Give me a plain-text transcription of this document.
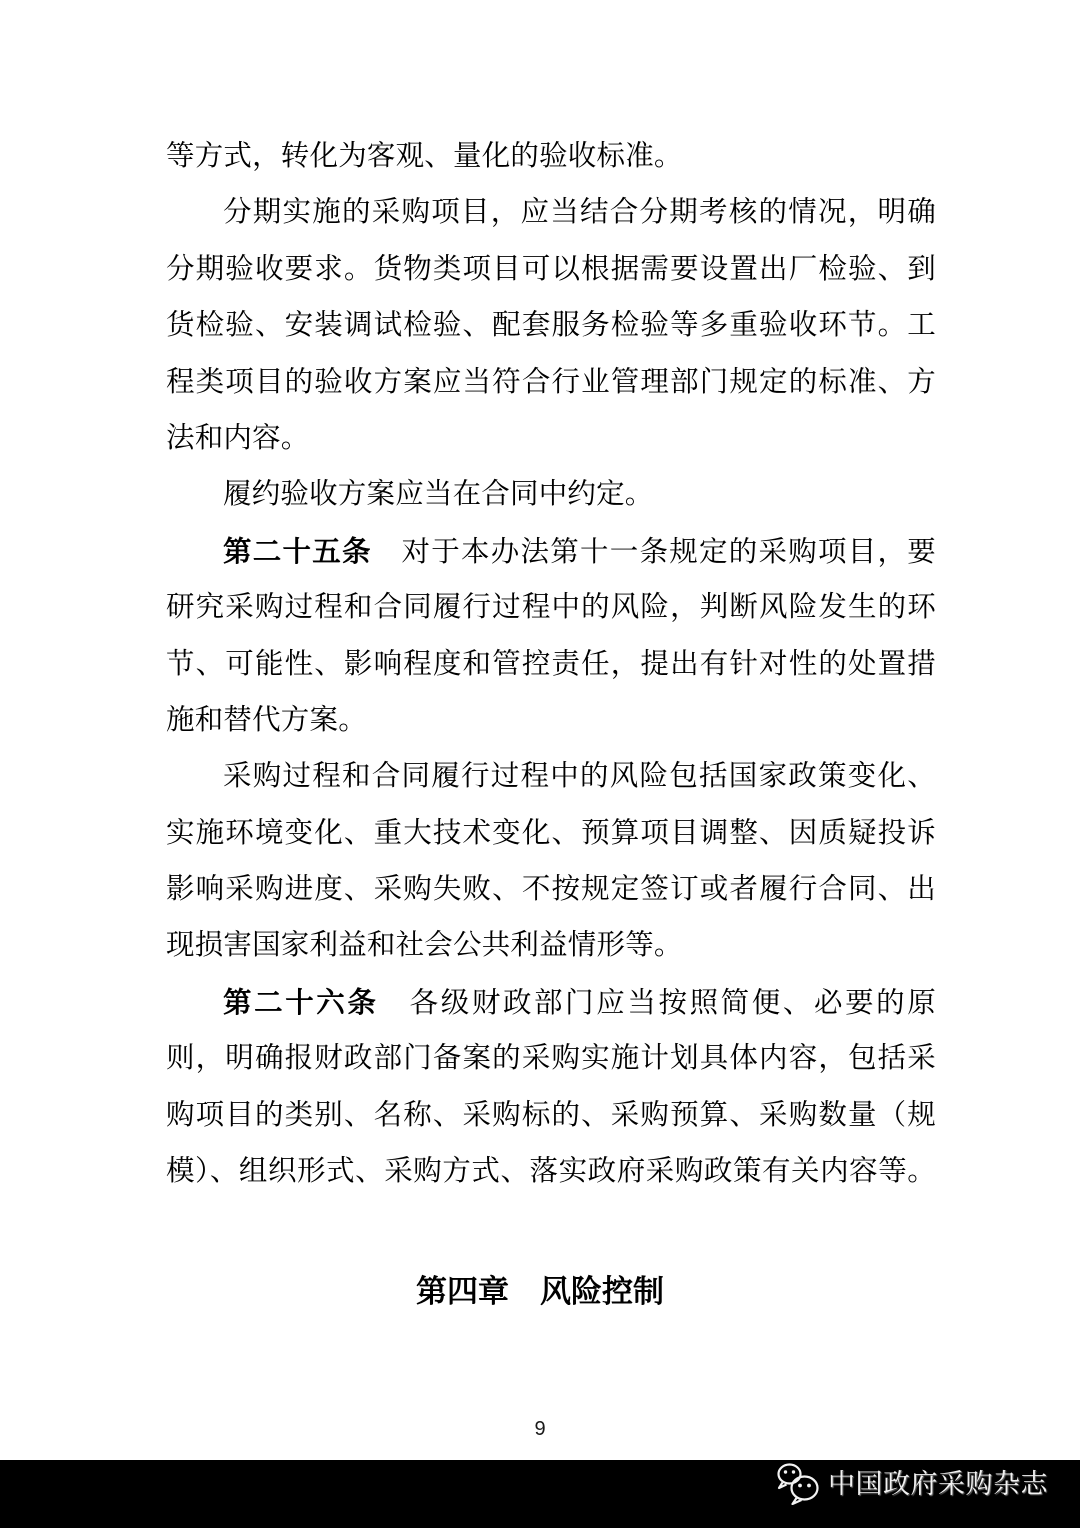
等方式，转化为客观、量化的验收标准。
分期实施的采购项目，应当结合分期考核的情况，明确
分期验收要求。货物类项目可以根据需要设置出厂检验、到
货检验、安装调试检验、配套服务检验等多重验收环节。工
程类项目的验收方案应当符合行业管理部门规定的标准、方
法和内容。
履约验收方案应当在合同中约定。
第二十五条　对于本办法第十一条规定的采购项目，要
研究采购过程和合同履行过程中的风险，判断风险发生的环
节、可能性、影响程度和管控责任，提出有针对性的处置措
施和替代方案。
采购过程和合同履行过程中的风险包括国家政策变化、
实施环境变化、重大技术变化、预算项目调整、因质疑投诉
影响采购进度、采购失败、不按规定签订或者履行合同、出
现损害国家利益和社会公共利益情形等。
第二十六条　各级财政部门应当按照简便、必要的原
则，明确报财政部门备案的采购实施计划具体内容，包括采
购项目的类别、名称、采购标的、采购预算、采购数量（规
模）、组织形式、采购方式、落实政府采购政策有关内容等。
第四章　风险控制
9
中国政府采购杂志
